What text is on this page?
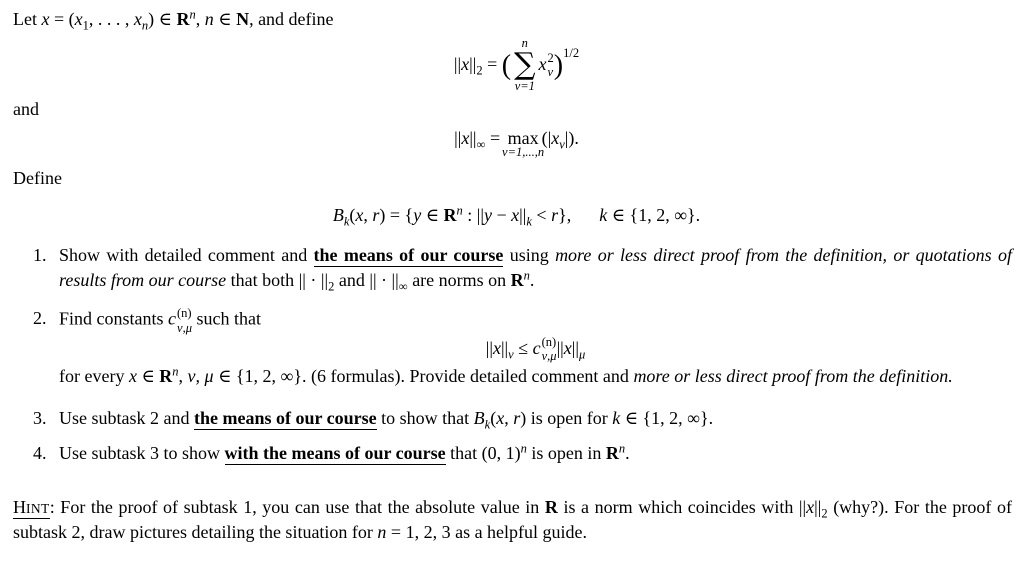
Let $x = (x_1$, . . . , $x_n$) ∈ $R^n$, n ∈ N, and define

$||x||_2$ = (
n
∑
ν=1
x 2
ν )$^{1/2}$

and

$||x||_\infty = \max$
ν=1,...,n
$(|x_\nu|)$.

Define

$B_k(x$, r) = {y ∈ $R^n$ : $||y - x||_k < r$}, k ∈ {1, 2, ∞}.
1. Show with detailed comment and the means of our course using more or less direct proof from the definition, or quotations of results from our course that both || · $||_2$ and || · $||_\infty$ are norms on $R^n$.
2. Find constants c (n)
ν,μ such that
$||x||_\nu \le c$ (n)
ν,μ $||x||_\mu$
for every x ∈ $R^n$, ν, μ ∈ {1, 2, ∞}. (6 formulas). Provide detailed comment and more or less direct proof from the definition.
3. Use subtask 2 and the means of our course to show that $B_k(x$, r) is open for k ∈ {1, 2, ∞}.
4. Use subtask 3 to show with the means of our course that (0, 1)$^n$ is open in $R^n$.

HINT: For the proof of subtask 1, you can use that the absolute value in R is a norm which coincides with $||x||_2$ (why?). For the proof of subtask 2, draw pictures detailing the situation for n = 1, 2, 3 as a helpful guide.
